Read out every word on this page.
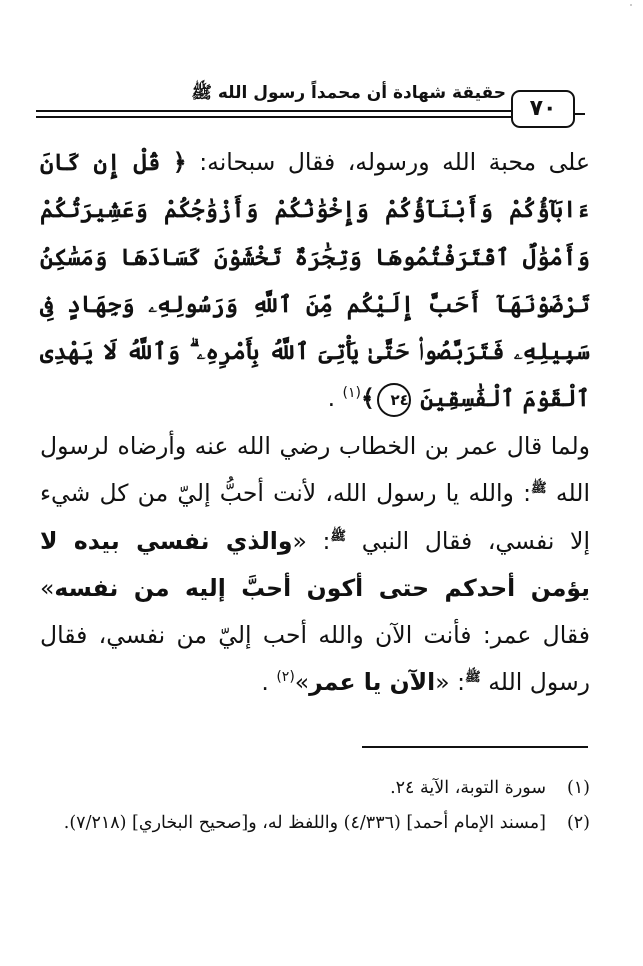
حقيقة شهادة أن محمداً رسول الله ﷺ
٧٠

على محبة الله ورسوله، فقال سبحانه: ﴿ قُلْ إِن كَانَ ءَابَآؤُكُمْ وَأَبْنَآؤُكُمْ وَإِخْوَٰنُكُمْ وَأَزْوَٰجُكُمْ وَعَشِيرَتُكُمْ وَأَمْوَٰلٌ ٱقْتَرَفْتُمُوهَا وَتِجَٰرَةٌ تَخْشَوْنَ كَسَادَهَا وَمَسَٰكِنُ تَرْضَوْنَهَآ أَحَبَّ إِلَيْكُم مِّنَ ٱللَّهِ وَرَسُولِهِۦ وَجِهَادٍ فِى سَبِيلِهِۦ فَتَرَبَّصُوا۟ حَتَّىٰ يَأْتِىَ ٱللَّهُ بِأَمْرِهِۦ ۗ وَٱللَّهُ لَا يَهْدِى ٱلْقَوْمَ ٱلْفَٰسِقِينَ ٢٤﴾$^{(١)}$ .

ولما قال عمر بن الخطاب رضي الله عنه وأرضاه لرسول الله $^ﷺ$: والله يا رسول الله، لأنت أحبُّ إليّ من كل شيء إلا نفسي، فقال النبي $^ﷺ$: «والذي نفسي بيده لا يؤمن أحدكم حتى أكون أحبَّ إليه من نفسه» فقال عمر: فأنت الآن والله أحب إليّ من نفسي، فقال رسول الله $^ﷺ$: «الآن يا عمر»$^{(٢)}$ .

(١)
سورة التوبة، الآية ٢٤.
(٢)
[مسند الإمام أحمد] (٤/٣٣٦) واللفظ له، و[صحيح البخاري] (٧/٢١٨).
